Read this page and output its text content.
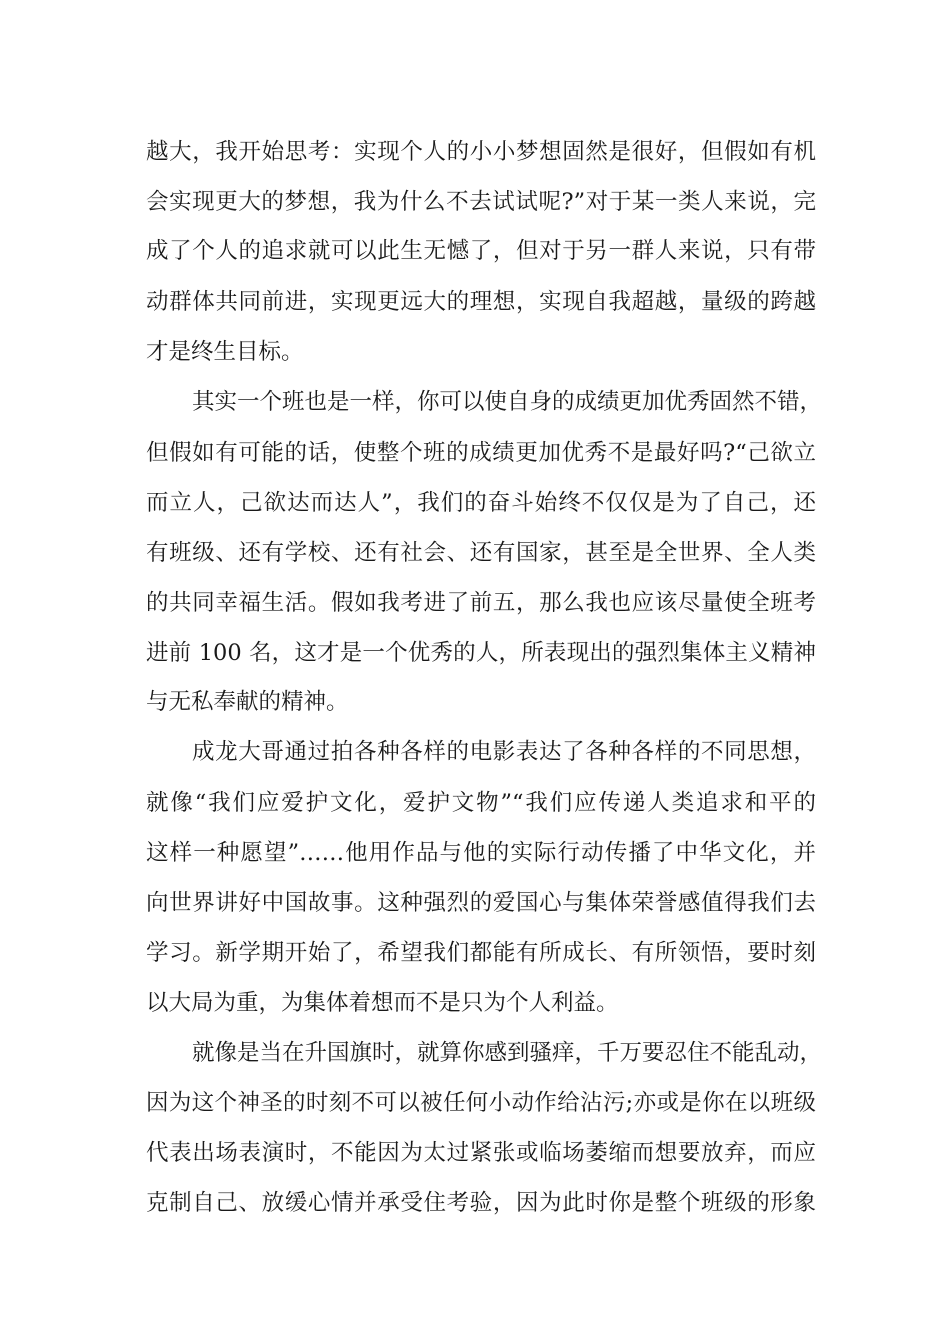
越大，我开始思考：实现个人的小小梦想固然是很好，但假如有机
会实现更大的梦想，我为什么不去试试呢?”对于某一类人来说，完
成了个人的追求就可以此生无憾了，但对于另一群人来说，只有带
动群体共同前进，实现更远大的理想，实现自我超越，量级的跨越
才是终生目标。
其实一个班也是一样，你可以使自身的成绩更加优秀固然不错，
但假如有可能的话，使整个班的成绩更加优秀不是最好吗?“己欲立
而立人，己欲达而达人”，我们的奋斗始终不仅仅是为了自己，还
有班级、还有学校、还有社会、还有国家，甚至是全世界、全人类
的共同幸福生活。假如我考进了前五，那么我也应该尽量使全班考
进前 100 名，这才是一个优秀的人，所表现出的强烈集体主义精神
与无私奉献的精神。
成龙大哥通过拍各种各样的电影表达了各种各样的不同思想，
就像“我们应爱护文化，爱护文物”“我们应传递人类追求和平的
这样一种愿望”……他用作品与他的实际行动传播了中华文化，并
向世界讲好中国故事。这种强烈的爱国心与集体荣誉感值得我们去
学习。新学期开始了，希望我们都能有所成长、有所领悟，要时刻
以大局为重，为集体着想而不是只为个人利益。
就像是当在升国旗时，就算你感到骚痒，千万要忍住不能乱动，
因为这个神圣的时刻不可以被任何小动作给沾污;亦或是你在以班级
代表出场表演时，不能因为太过紧张或临场萎缩而想要放弃，而应
克制自己、放缓心情并承受住考验，因为此时你是整个班级的形象
